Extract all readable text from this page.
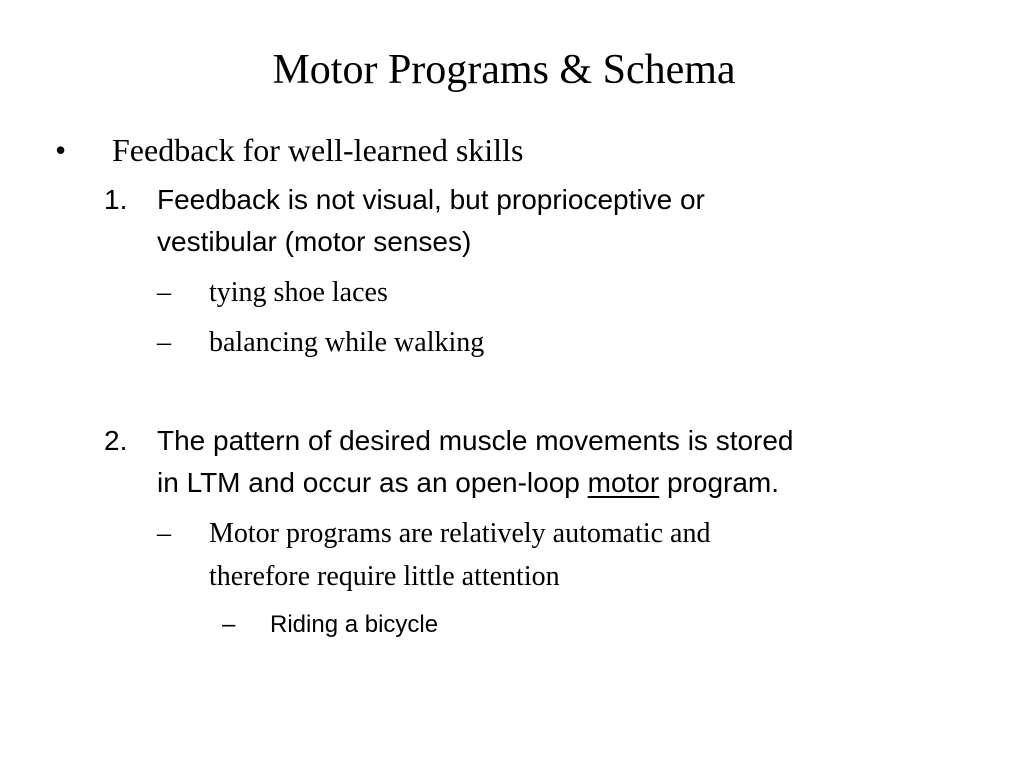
Motor Programs & Schema
• Feedback for well-learned skills
1. Feedback is not visual, but proprioceptive or
vestibular (motor senses)
– tying shoe laces
– balancing while walking
2. The pattern of desired muscle movements is stored
in LTM and occur as an open-loop motor program.
– Motor programs are relatively automatic and
therefore require little attention
– Riding a bicycle
